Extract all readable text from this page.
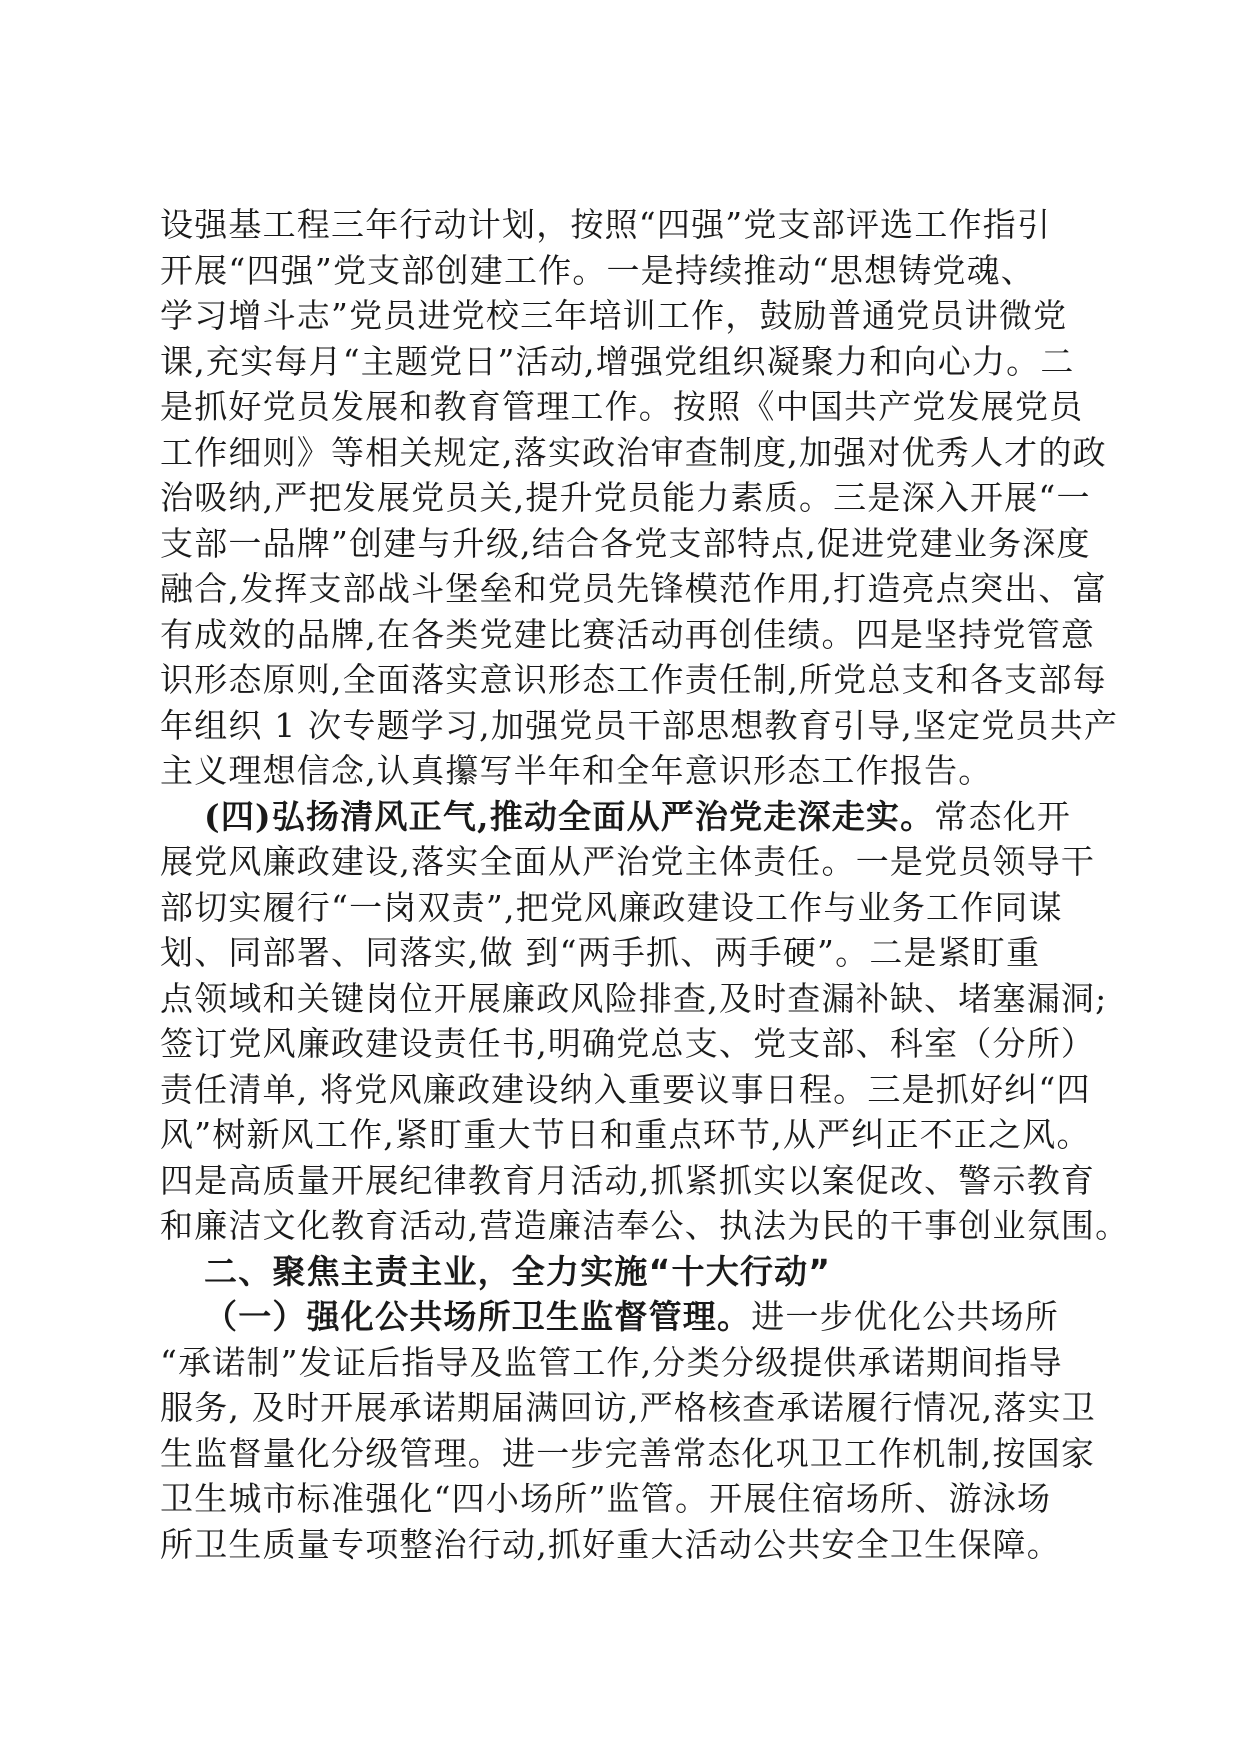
设强基工程三年行动计划，按照“四强”党支部评选工作指引
开展“四强”党支部创建工作。一是持续推动“思想铸党魂、
学习增斗志”党员进党校三年培训工作，鼓励普通党员讲微党
课,充实每月“主题党日”活动,增强党组织凝聚力和向心力。二
是抓好党员发展和教育管理工作。按照《中国共产党发展党员
工作细则》等相关规定,落实政治审查制度,加强对优秀人才的政
治吸纳,严把发展党员关,提升党员能力素质。三是深入开展“一
支部一品牌”创建与升级,结合各党支部特点,促进党建业务深度
融合,发挥支部战斗堡垒和党员先锋模范作用,打造亮点突出、富
有成效的品牌,在各类党建比赛活动再创佳绩。四是坚持党管意
识形态原则,全面落实意识形态工作责任制,所党总支和各支部每
年组织 1 次专题学习,加强党员干部思想教育引导,坚定党员共产
主义理想信念,认真攥写半年和全年意识形态工作报告。
(四)弘扬清风正气,推动全面从严治党走深走实。常态化开
展党风廉政建设,落实全面从严治党主体责任。一是党员领导干
部切实履行“一岗双责”,把党风廉政建设工作与业务工作同谋
划、同部署、同落实,做 到“两手抓、两手硬”。二是紧盯重
点领域和关键岗位开展廉政风险排查,及时查漏补缺、堵塞漏洞;
签订党风廉政建设责任书,明确党总支、党支部、科室（分所）
责任清单, 将党风廉政建设纳入重要议事日程。三是抓好纠“四
风”树新风工作,紧盯重大节日和重点环节,从严纠正不正之风。
四是高质量开展纪律教育月活动,抓紧抓实以案促改、警示教育
和廉洁文化教育活动,营造廉洁奉公、执法为民的干事创业氛围。
二、聚焦主责主业，全力实施“十大行动”
（一）强化公共场所卫生监督管理。进一步优化公共场所
“承诺制”发证后指导及监管工作,分类分级提供承诺期间指导
服务, 及时开展承诺期届满回访,严格核查承诺履行情况,落实卫
生监督量化分级管理。进一步完善常态化巩卫工作机制,按国家
卫生城市标准强化“四小场所”监管。开展住宿场所、游泳场
所卫生质量专项整治行动,抓好重大活动公共安全卫生保障。
